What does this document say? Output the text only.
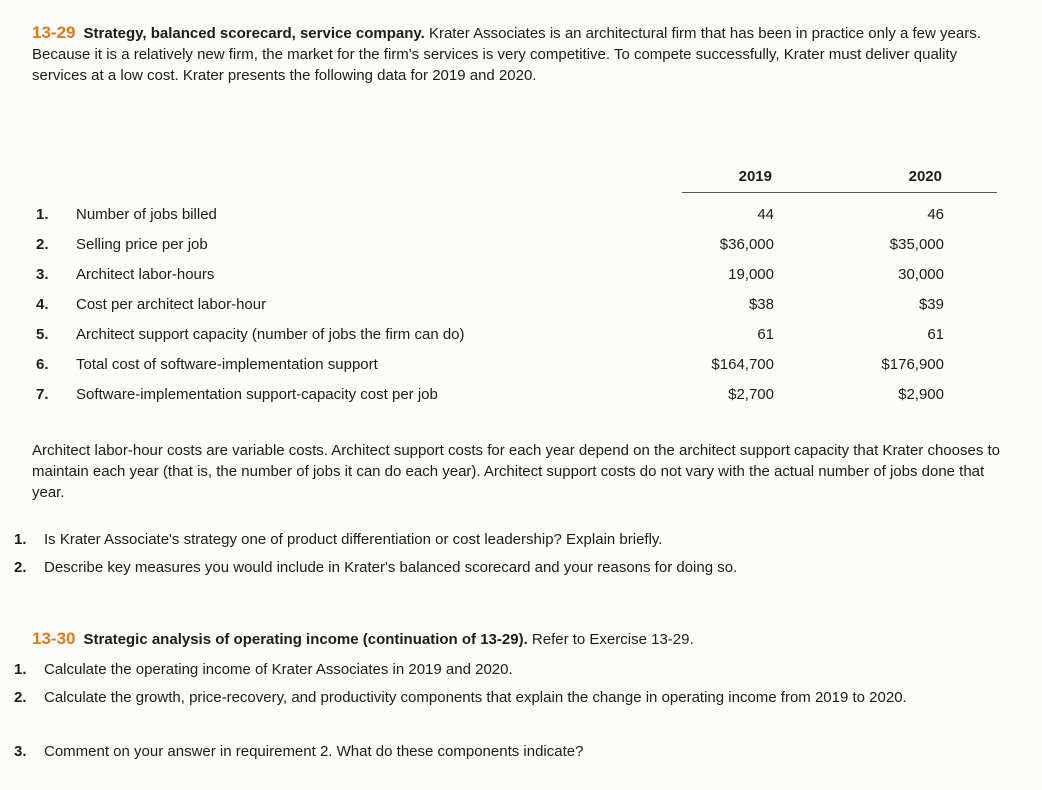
13-29 Strategy, balanced scorecard, service company. Krater Associates is an architectural firm that has been in practice only a few years. Because it is a relatively new firm, the market for the firm's services is very competitive. To compete successfully, Krater must deliver quality services at a low cost. Krater presents the following data for 2019 and 2020.
2019	2020
1. Number of jobs billed	44	46
2. Selling price per job	$36,000	$35,000
3. Architect labor-hours	19,000	30,000
4. Cost per architect labor-hour	$38	$39
5. Architect support capacity (number of jobs the firm can do)	61	61
6. Total cost of software-implementation support	$164,700	$176,900
7. Software-implementation support-capacity cost per job	$2,700	$2,900
Architect labor-hour costs are variable costs. Architect support costs for each year depend on the architect support capacity that Krater chooses to maintain each year (that is, the number of jobs it can do each year). Architect support costs do not vary with the actual number of jobs done that year.
1. Is Krater Associate's strategy one of product differentiation or cost leadership? Explain briefly.
2. Describe key measures you would include in Krater's balanced scorecard and your reasons for doing so.
13-30 Strategic analysis of operating income (continuation of 13-29). Refer to Exercise 13-29.
1. Calculate the operating income of Krater Associates in 2019 and 2020.
2. Calculate the growth, price-recovery, and productivity components that explain the change in operating income from 2019 to 2020.
3. Comment on your answer in requirement 2. What do these components indicate?
